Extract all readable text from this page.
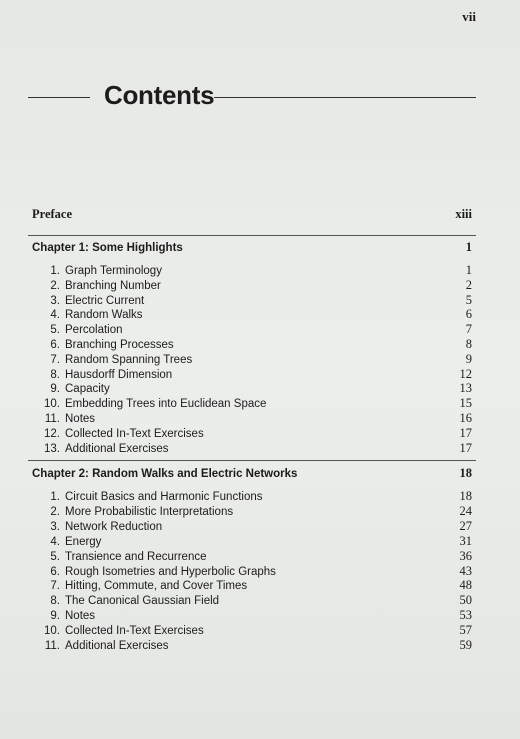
vii
Contents
Preface	xiii
Chapter 1: Some Highlights	1
1. Graph Terminology	1
2. Branching Number	2
3. Electric Current	5
4. Random Walks	6
5. Percolation	7
6. Branching Processes	8
7. Random Spanning Trees	9
8. Hausdorff Dimension	12
9. Capacity	13
10. Embedding Trees into Euclidean Space	15
11. Notes	16
12. Collected In-Text Exercises	17
13. Additional Exercises	17
Chapter 2: Random Walks and Electric Networks	18
1. Circuit Basics and Harmonic Functions	18
2. More Probabilistic Interpretations	24
3. Network Reduction	27
4. Energy	31
5. Transience and Recurrence	36
6. Rough Isometries and Hyperbolic Graphs	43
7. Hitting, Commute, and Cover Times	48
8. The Canonical Gaussian Field	50
9. Notes	53
10. Collected In-Text Exercises	57
11. Additional Exercises	59
